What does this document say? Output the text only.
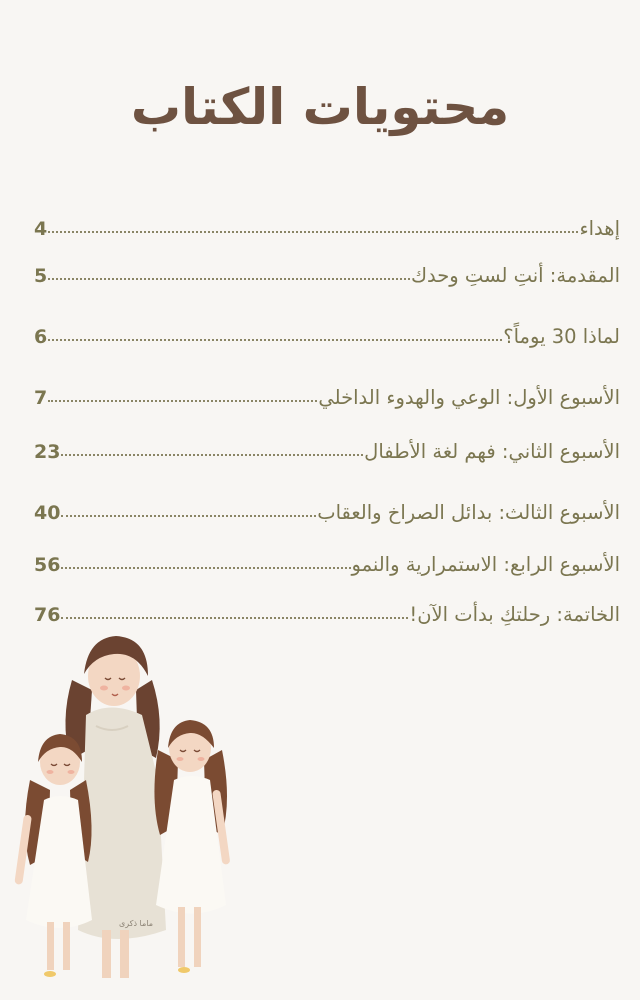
محتويات الكتاب
إهداء
4
المقدمة: أنتِ لستِ وحدك
5
لماذا 30 يوماً؟
6
الأسبوع الأول: الوعي والهدوء الداخلي
7
الأسبوع الثاني: فهم لغة الأطفال
23
الأسبوع الثالث: بدائل الصراخ والعقاب
40
الأسبوع الرابع: الاستمرارية والنمو
56
الخاتمة: رحلتكِ بدأت الآن!
76
ماما ذكرى
